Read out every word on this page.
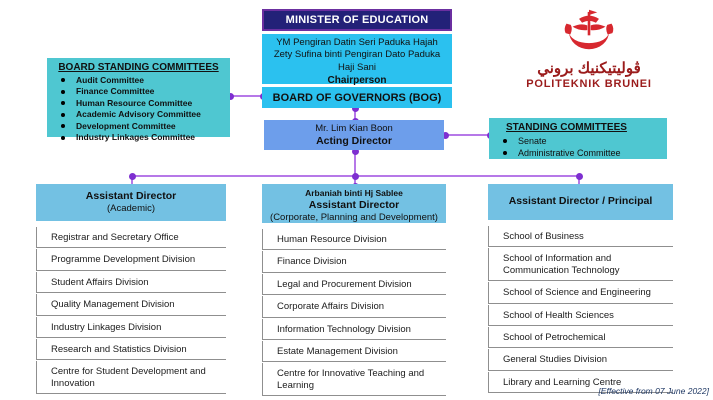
MINISTER OF EDUCATION
YM Pengiran Datin Seri Paduka Hajah Zety Sufina binti Pengiran Dato Paduka Haji Sani
Chairperson
BOARD OF GOVERNORS (BOG)
BOARD STANDING COMMITTEES
Audit Committee
Finance Committee
Human Resource Committee
Academic Advisory Committee
Development Committee
Industry Linkages Committee
ڤوليتيكنيك بروني
POLITEKNIK BRUNEI
Mr. Lim Kian Boon
Acting Director
STANDING COMMITTEES
Senate
Administrative Committee
Assistant Director
(Academic)
Registrar and Secretary Office
Programme Development Division
Student Affairs Division
Quality Management Division
Industry Linkages Division
Research and Statistics Division
Centre for Student Development and Innovation
Arbaniah binti Hj Sablee
Assistant Director
(Corporate, Planning and Development)
Human Resource Division
Finance Division
Legal and Procurement Division
Corporate Affairs Division
Information Technology Division
Estate Management Division
Centre for Innovative Teaching and Learning
Assistant Director / Principal
School of Business
School of Information and Communication Technology
School of Science and Engineering
School of Health Sciences
School of Petrochemical
General Studies Division
Library and Learning Centre
[Effective from 07 June 2022]
